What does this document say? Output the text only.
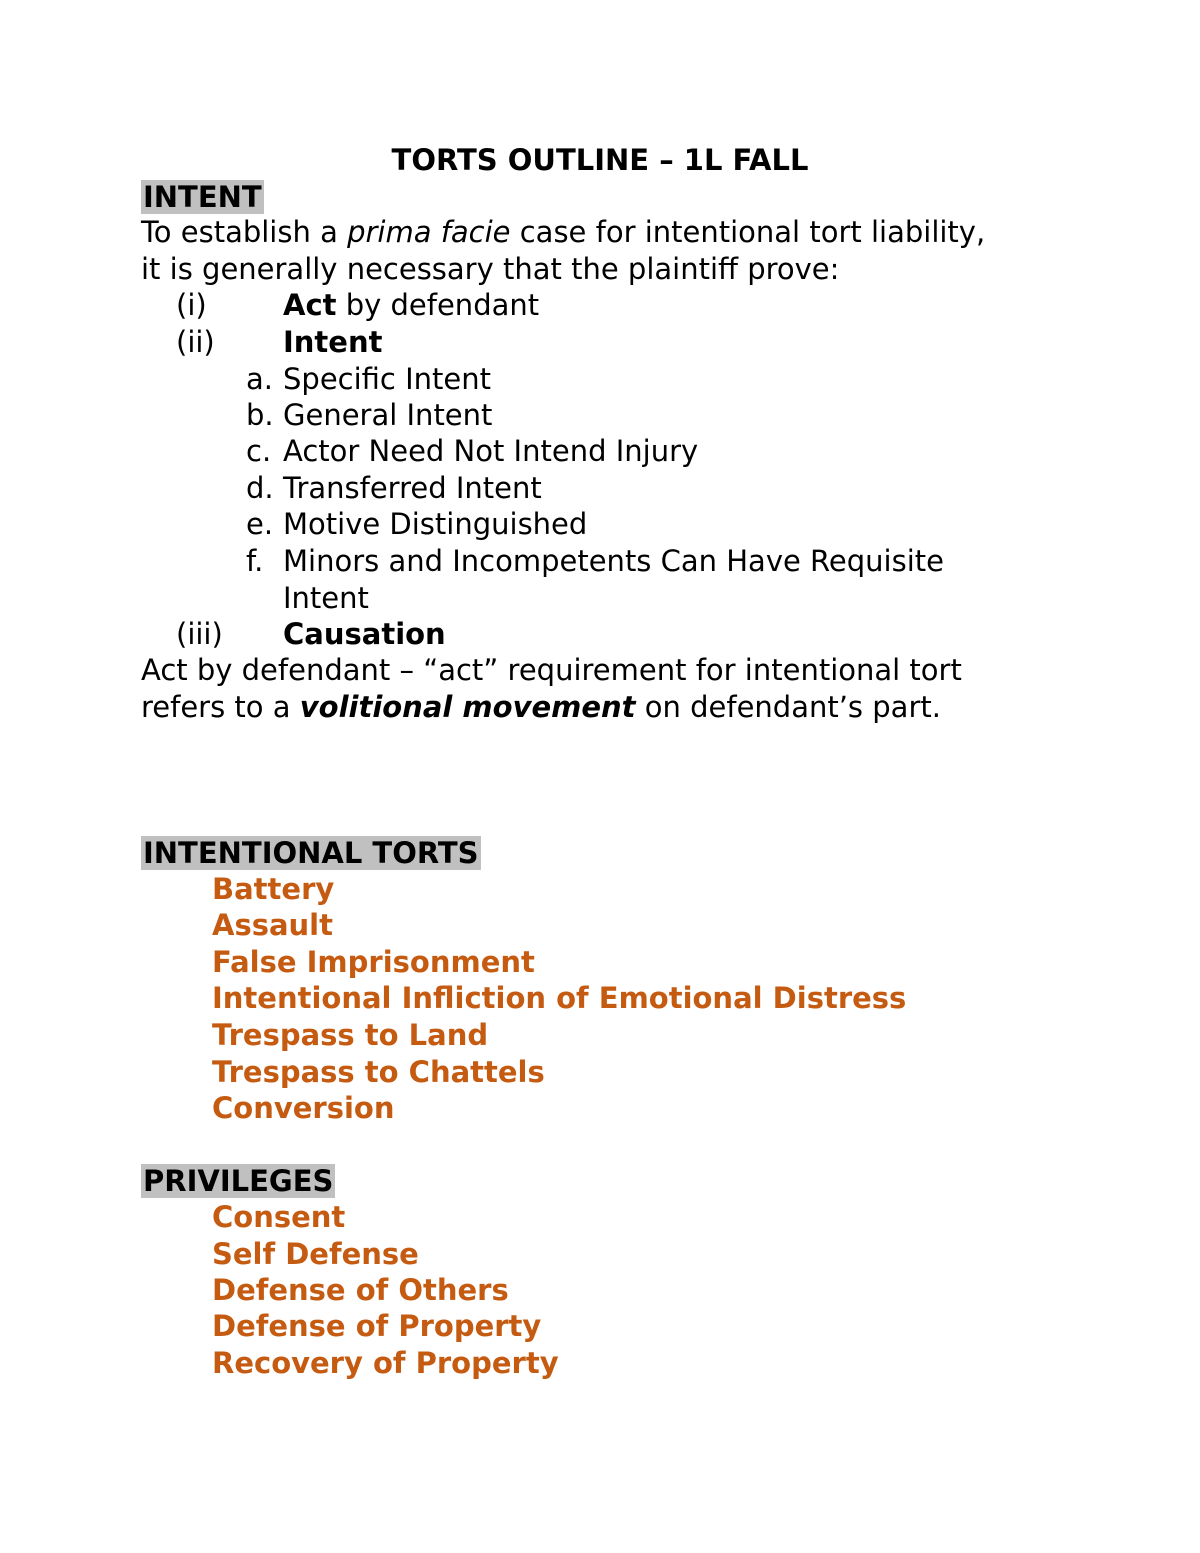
TORTS OUTLINE – 1L FALL
INTENT
To establish a prima facie case for intentional tort liability,
it is generally necessary that the plaintiff prove:
(i)	Act by defendant
(ii) Intent
a. Specific Intent
b. General Intent
c. Actor Need Not Intend Injury
d. Transferred Intent
e. Motive Distinguished
f. Minors and Incompetents Can Have Requisite
Intent
(iii) Causation
Act by defendant – “act” requirement for intentional tort
refers to a volitional movement on defendant’s part.
INTENTIONAL TORTS
Battery
Assault
False Imprisonment
Intentional Infliction of Emotional Distress
Trespass to Land
Trespass to Chattels
Conversion
PRIVILEGES
Consent
Self Defense
Defense of Others
Defense of Property
Recovery of Property
